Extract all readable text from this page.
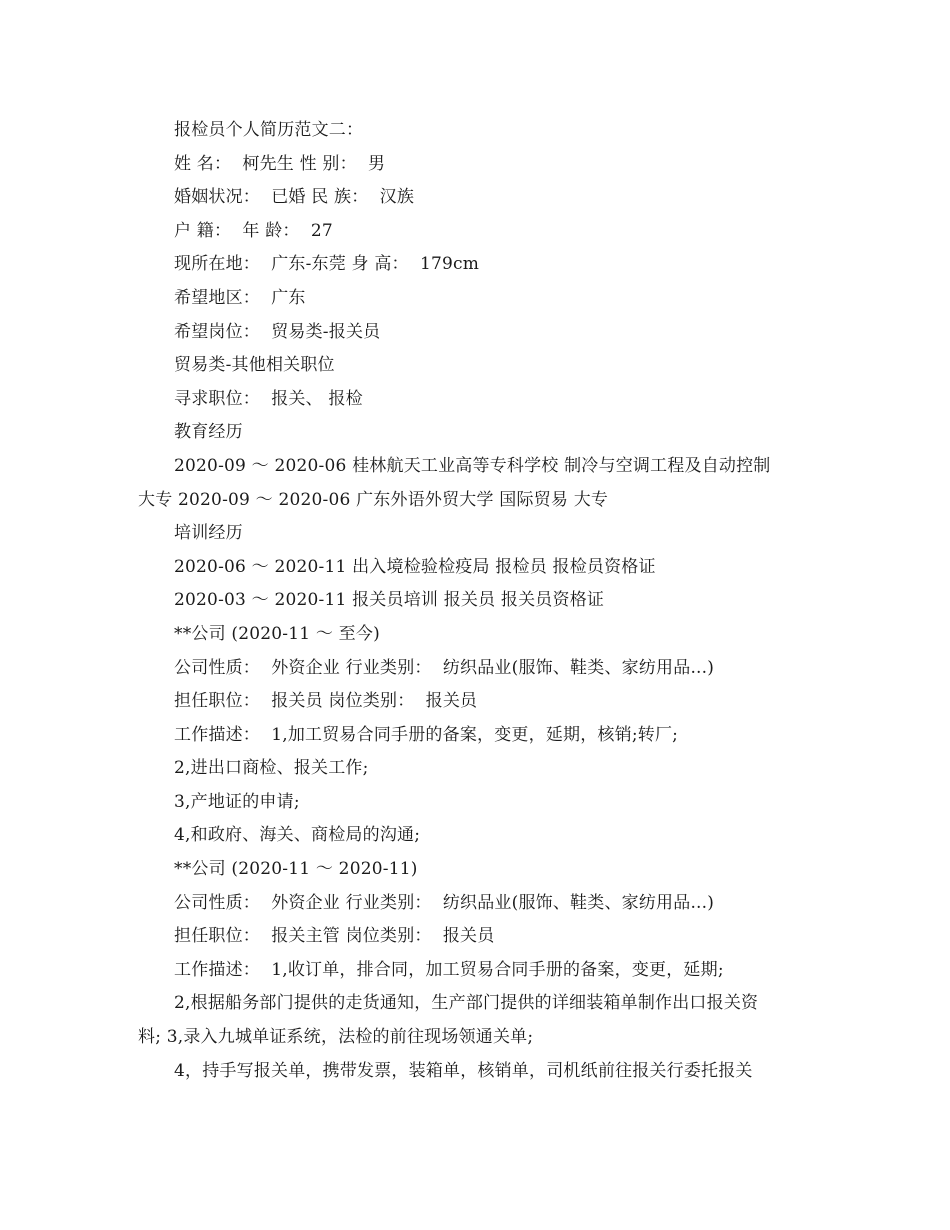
报检员个人简历范文二：
姓 名：  柯先生 性 别：  男
婚姻状况：  已婚 民 族：  汉族
户 籍：  年 龄：  27
现所在地：  广东-东莞 身 高：  179cm
希望地区：  广东
希望岗位：  贸易类-报关员
贸易类-其他相关职位
寻求职位：  报关、 报检
教育经历
2020-09 ～ 2020-06 桂林航天工业高等专科学校 制冷与空调工程及自动控制
大专 2020-09 ～ 2020-06 广东外语外贸大学 国际贸易 大专
培训经历
2020-06 ～ 2020-11 出入境检验检疫局 报检员 报检员资格证
2020-03 ～ 2020-11 报关员培训 报关员 报关员资格证
**公司 (2020-11 ～ 至今)
公司性质：  外资企业 行业类别：  纺织品业(服饰、鞋类、家纺用品...)
担任职位：  报关员 岗位类别：  报关员
工作描述：  1,加工贸易合同手册的备案，变更，延期，核销;转厂;
2,进出口商检、报关工作;
3,产地证的申请;
4,和政府、海关、商检局的沟通;
**公司 (2020-11 ～ 2020-11)
公司性质：  外资企业 行业类别：  纺织品业(服饰、鞋类、家纺用品...)
担任职位：  报关主管 岗位类别：  报关员
工作描述：  1,收订单，排合同，加工贸易合同手册的备案，变更，延期;
2,根据船务部门提供的走货通知，生产部门提供的详细装箱单制作出口报关资
料; 3,录入九城单证系统，法检的前往现场领通关单;
4，持手写报关单，携带发票，装箱单，核销单，司机纸前往报关行委托报关
